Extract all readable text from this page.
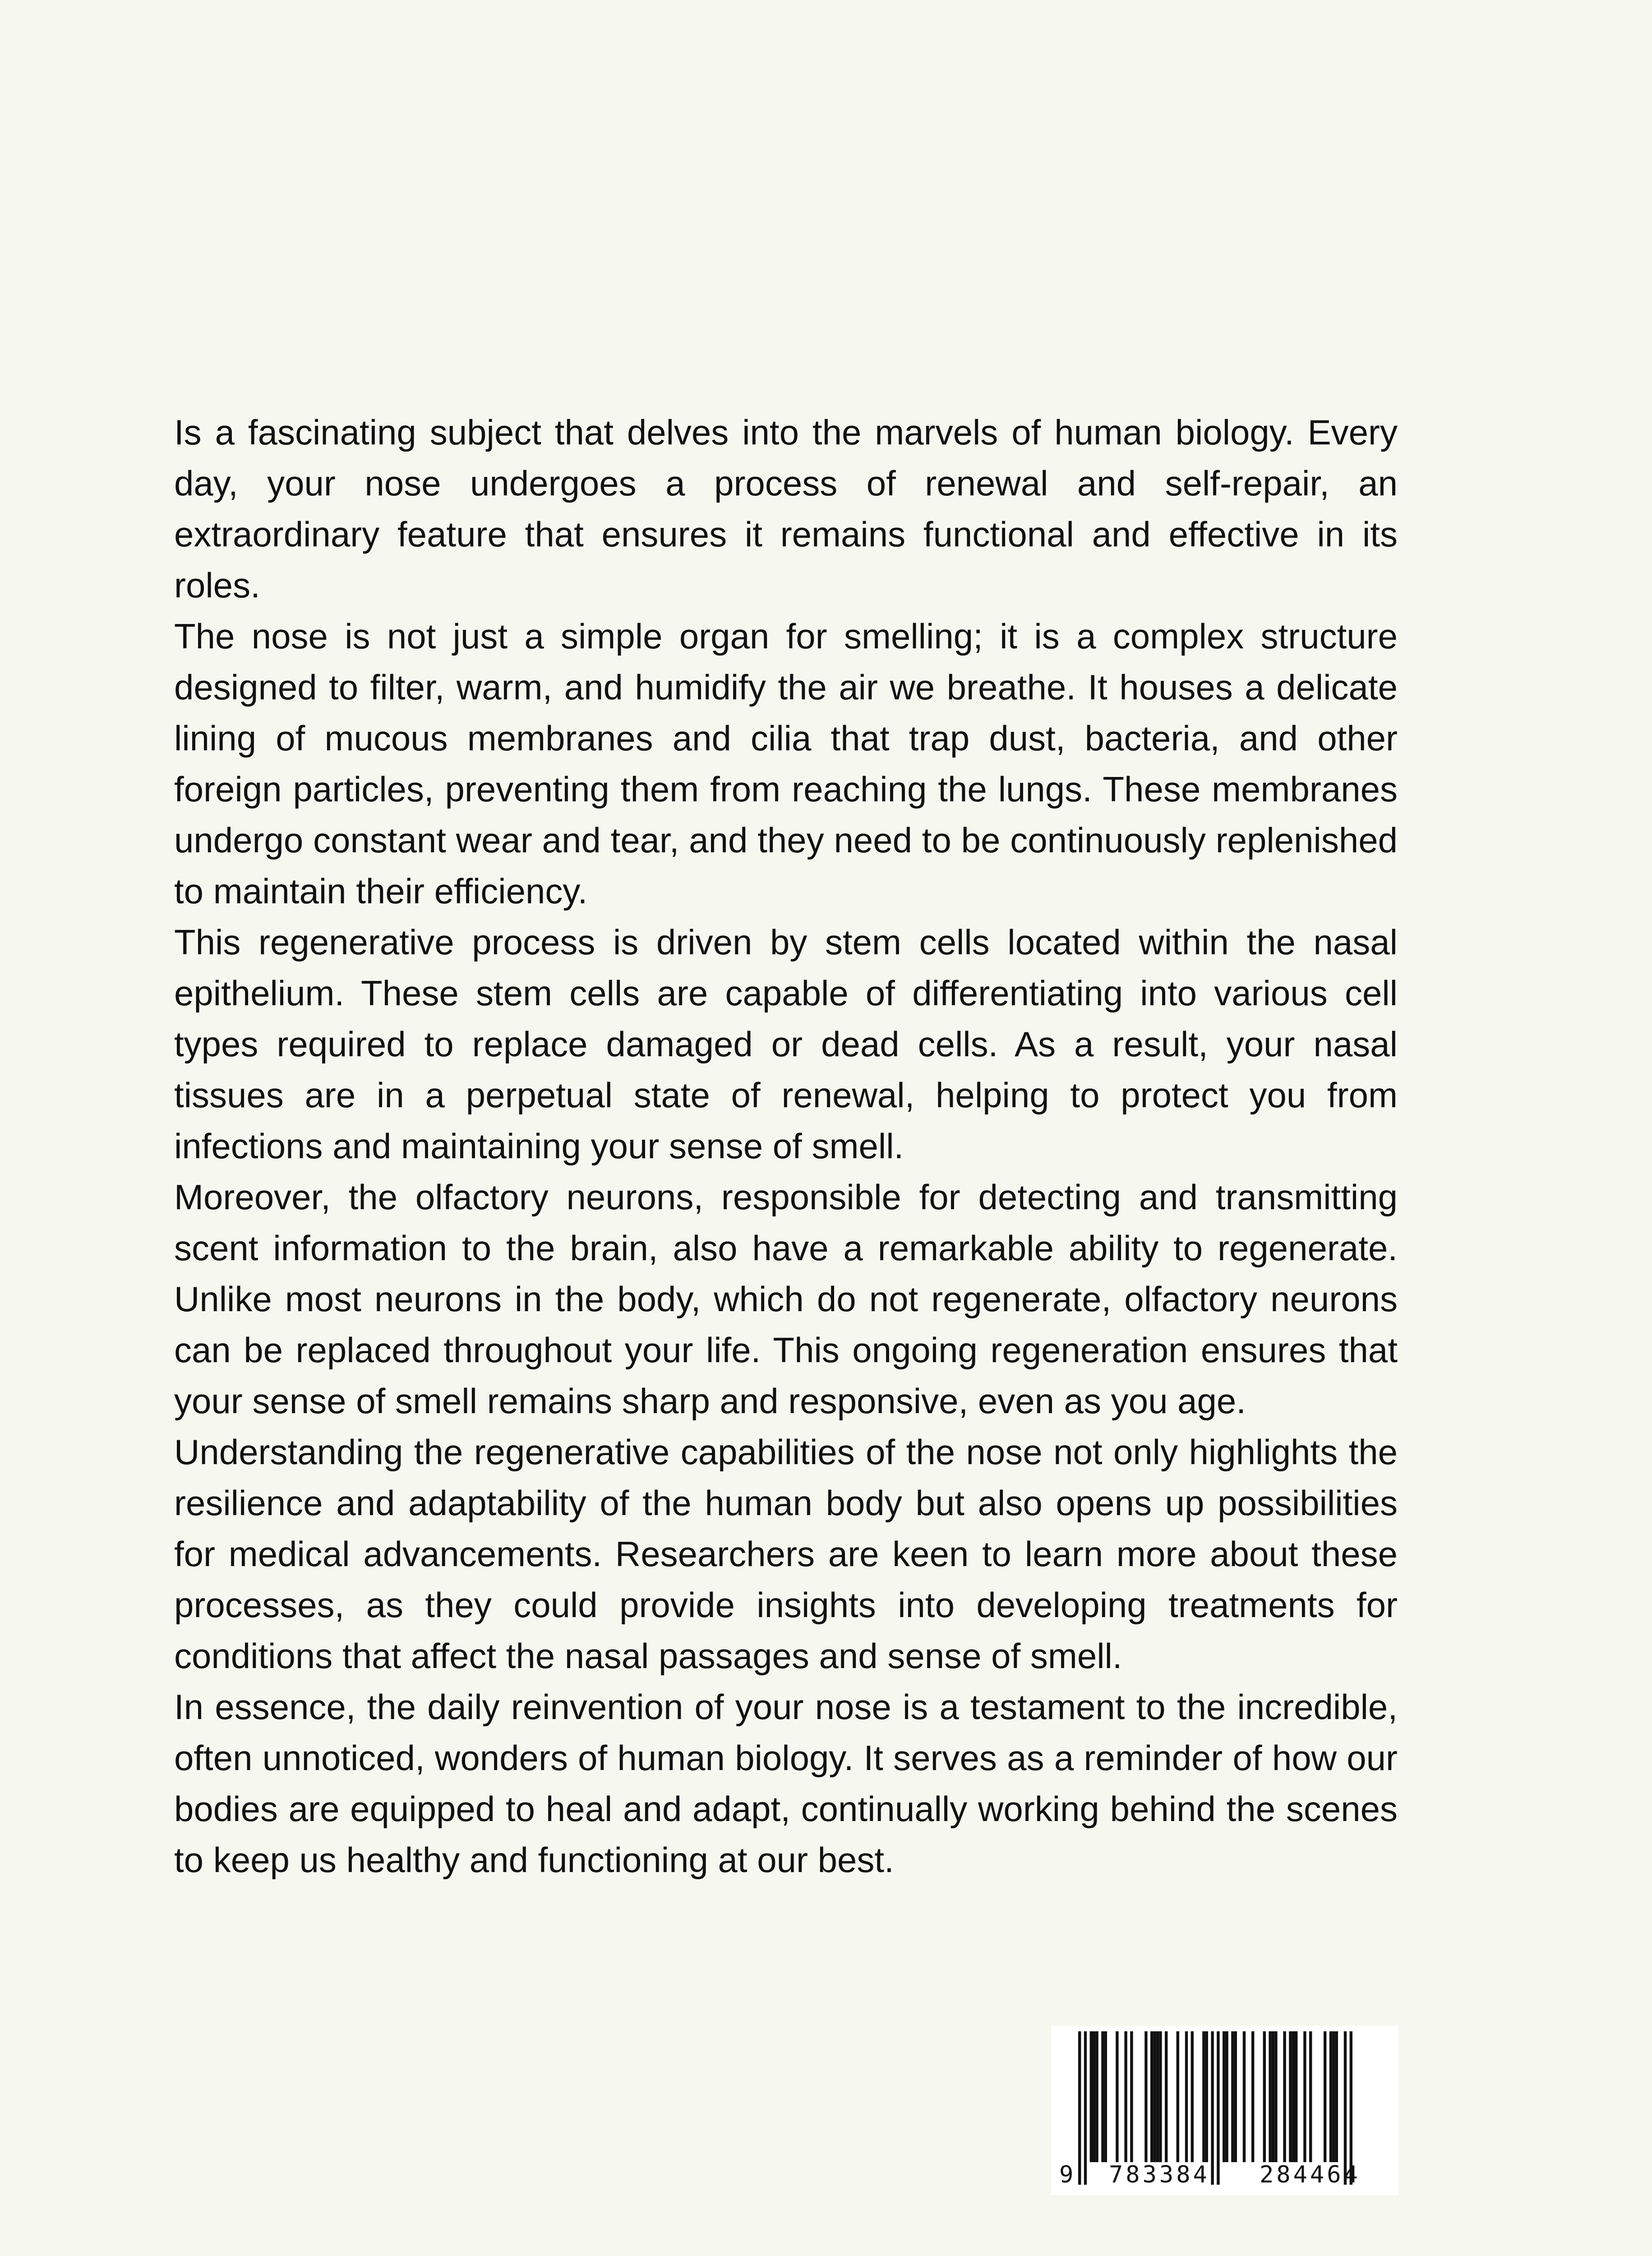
Is a fascinating subject that delves into the marvels of human biology. Every day, your nose undergoes a process of renewal and self-repair, an extraordinary feature that ensures it remains functional and effective in its roles.

The nose is not just a simple organ for smelling; it is a complex structure designed to filter, warm, and humidify the air we breathe. It houses a delicate lining of mucous membranes and cilia that trap dust, bacteria, and other foreign particles, preventing them from reaching the lungs. These membranes undergo constant wear and tear, and they need to be continuously replenished to maintain their efficiency.

This regenerative process is driven by stem cells located within the nasal epithelium. These stem cells are capable of differentiating into various cell types required to replace damaged or dead cells. As a result, your nasal tissues are in a perpetual state of renewal, helping to protect you from infections and maintaining your sense of smell.

Moreover, the olfactory neurons, responsible for detecting and transmitting scent information to the brain, also have a remarkable ability to regenerate. Unlike most neurons in the body, which do not regenerate, olfactory neurons can be replaced throughout your life. This ongoing regeneration ensures that your sense of smell remains sharp and responsive, even as you age.

Understanding the regenerative capabilities of the nose not only highlights the resilience and adaptability of the human body but also opens up possibilities for medical advancements. Researchers are keen to learn more about these processes, as they could provide insights into developing treatments for conditions that affect the nasal passages and sense of smell.

In essence, the daily reinvention of your nose is a testament to the incredible, often unnoticed, wonders of human biology. It serves as a reminder of how our bodies are equipped to heal and adapt, continually working behind the scenes to keep us healthy and functioning at our best.

9 783384 284464
